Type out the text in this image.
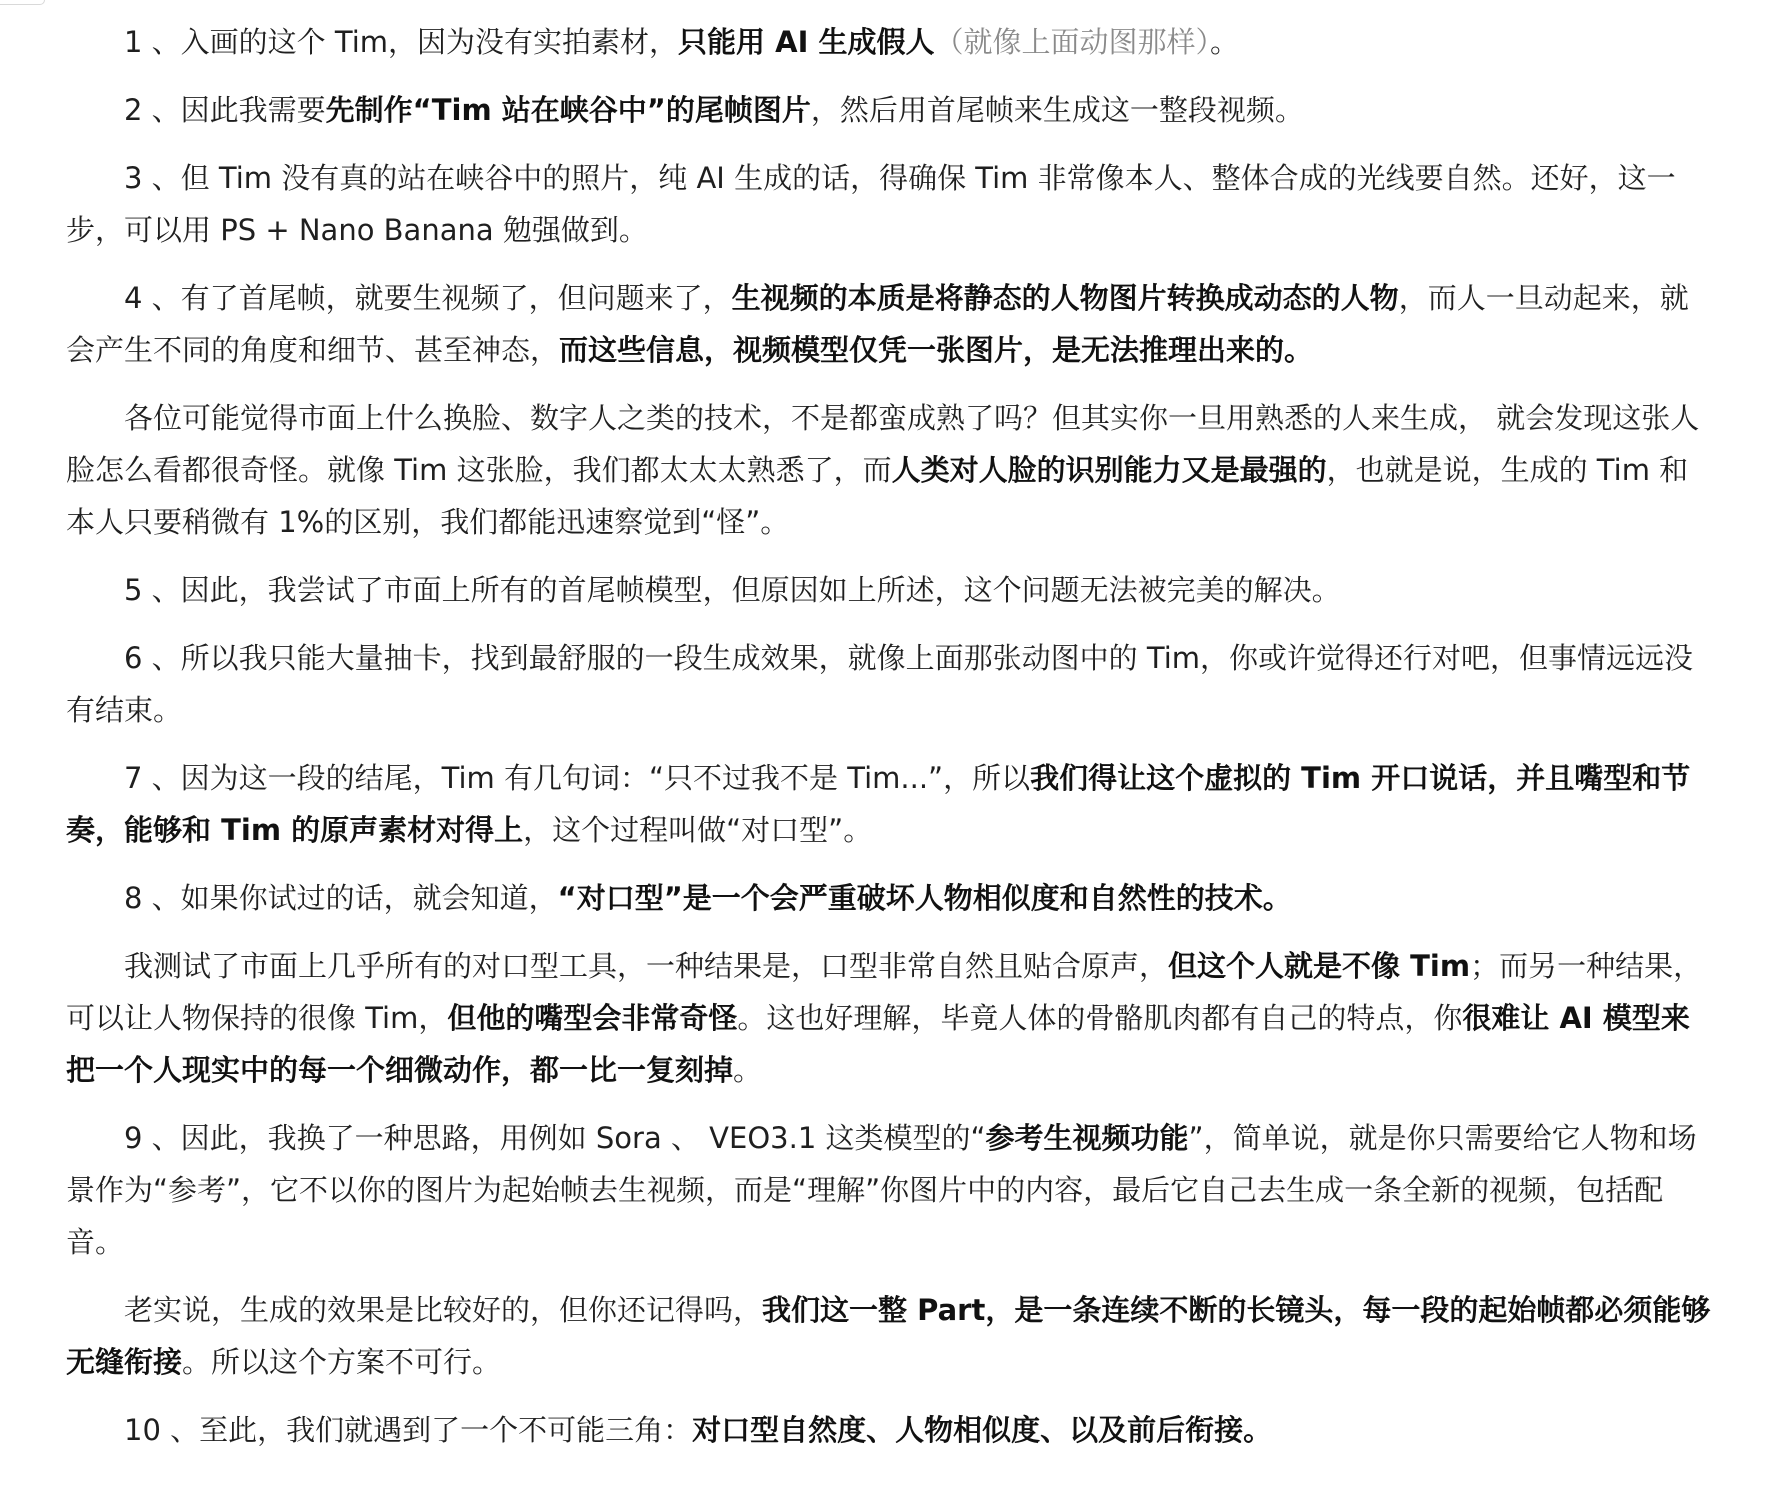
1 、入画的这个 Tim，因为没有实拍素材，只能用 AI 生成假人（就像上面动图那样）。

2 、因此我需要先制作“Tim 站在峡谷中”的尾帧图片，然后用首尾帧来生成这一整段视频。

3 、但 Tim 没有真的站在峡谷中的照片，纯 AI 生成的话，得确保 Tim 非常像本人、整体合成的光线要自然。还好，这一步，可以用 PS + Nano Banana 勉强做到。

4 、有了首尾帧，就要生视频了，但问题来了，生视频的本质是将静态的人物图片转换成动态的人物，而人一旦动起来，就会产生不同的角度和细节、甚至神态，而这些信息，视频模型仅凭一张图片，是无法推理出来的。

各位可能觉得市面上什么换脸、数字人之类的技术，不是都蛮成熟了吗？但其实你一旦用熟悉的人来生成， 就会发现这张人脸怎么看都很奇怪。就像 Tim 这张脸，我们都太太太熟悉了，而人类对人脸的识别能力又是最强的，也就是说，生成的 Tim 和本人只要稍微有 1%的区别，我们都能迅速察觉到“怪”。

5 、因此，我尝试了市面上所有的首尾帧模型，但原因如上所述，这个问题无法被完美的解决。

6 、所以我只能大量抽卡，找到最舒服的一段生成效果，就像上面那张动图中的 Tim，你或许觉得还行对吧，但事情远远没有结束。

7 、因为这一段的结尾，Tim 有几句词：“只不过我不是 Tim...”，所以我们得让这个虚拟的 Tim 开口说话，并且嘴型和节奏，能够和 Tim 的原声素材对得上，这个过程叫做“对口型”。

8 、如果你试过的话，就会知道，“对口型”是一个会严重破坏人物相似度和自然性的技术。

我测试了市面上几乎所有的对口型工具，一种结果是，口型非常自然且贴合原声，但这个人就是不像 Tim；而另一种结果，可以让人物保持的很像 Tim，但他的嘴型会非常奇怪。这也好理解，毕竟人体的骨骼肌肉都有自己的特点，你很难让 AI 模型来把一个人现实中的每一个细微动作，都一比一复刻掉。

9 、因此，我换了一种思路，用例如 Sora 、 VEO3.1 这类模型的“参考生视频功能”，简单说，就是你只需要给它人物和场景作为“参考”，它不以你的图片为起始帧去生视频，而是“理解”你图片中的内容，最后它自己去生成一条全新的视频，包括配音。

老实说，生成的效果是比较好的，但你还记得吗，我们这一整 Part，是一条连续不断的长镜头，每一段的起始帧都必须能够无缝衔接。所以这个方案不可行。

10 、至此，我们就遇到了一个不可能三角：对口型自然度、人物相似度、以及前后衔接。
